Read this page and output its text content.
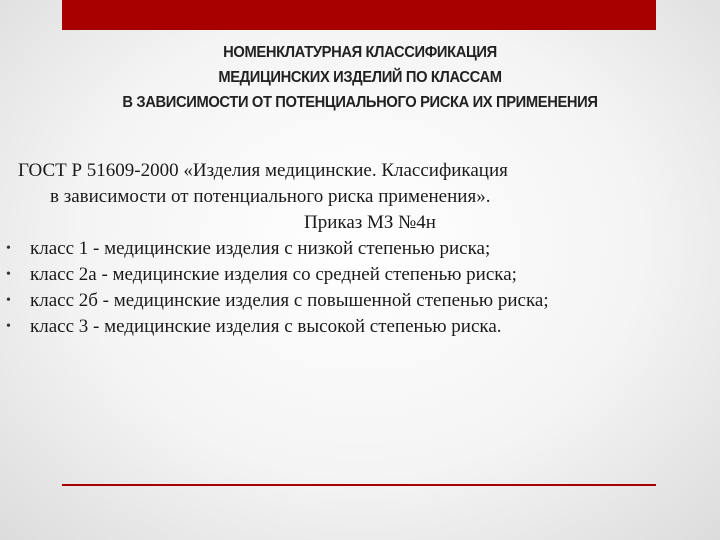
НОМЕНКЛАТУРНАЯ КЛАССИФИКАЦИЯ
МЕДИЦИНСКИХ ИЗДЕЛИЙ ПО КЛАССАМ
В ЗАВИСИМОСТИ ОТ ПОТЕНЦИАЛЬНОГО РИСКА ИХ ПРИМЕНЕНИЯ
ГОСТ Р 51609-2000 «Изделия медицинские. Классификация
в зависимости от потенциального риска применения».
Приказ МЗ №4н
• класс 1 - медицинские изделия с низкой степенью риска;
• класс 2а - медицинские изделия со средней степенью риска;
• класс 2б - медицинские изделия с повышенной степенью риска;
• класс 3 - медицинские изделия с высокой степенью риска.
